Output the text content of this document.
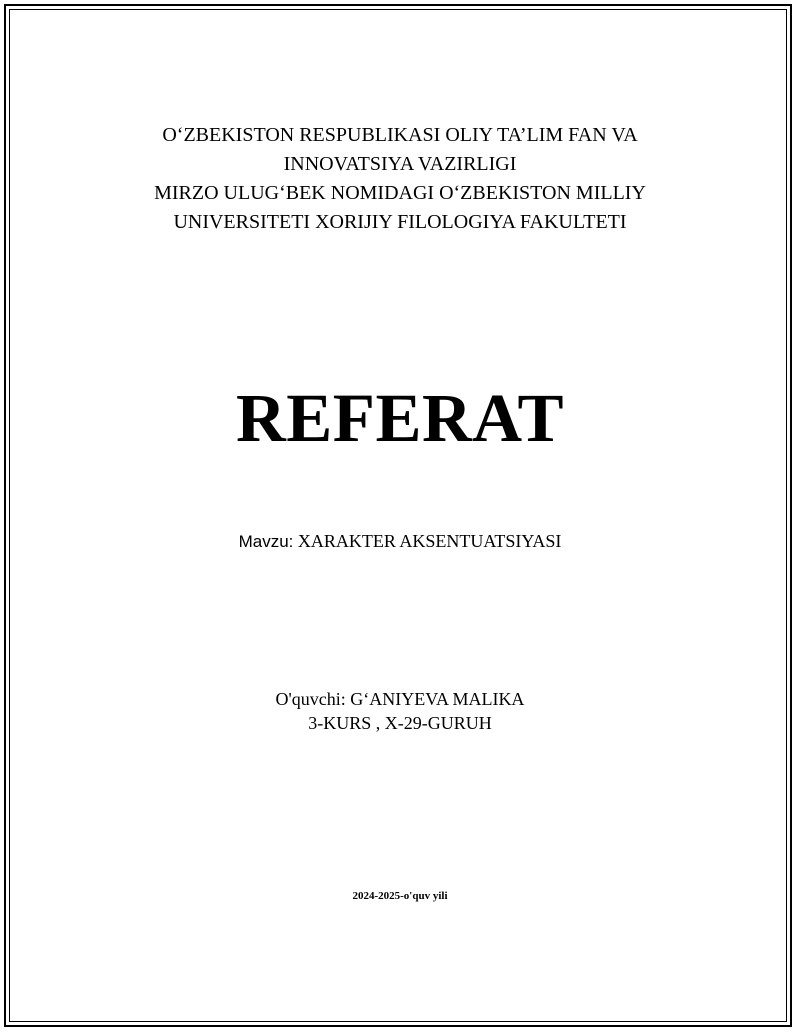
O‘ZBEKISTON RESPUBLIKASI OLIY TA’LIM FAN VA
INNOVATSIYA VAZIRLIGI
MIRZO ULUG‘BEK NOMIDAGI O‘ZBEKISTON MILLIY
UNIVERSITETI XORIJIY FILOLOGIYA FAKULTETI
REFERAT
Mavzu: XARAKTER AKSENTUATSIYASI
O'quvchi: G‘ANIYEVA MALIKA
3-KURS , X-29-GURUH
2024-2025-o'quv yili
